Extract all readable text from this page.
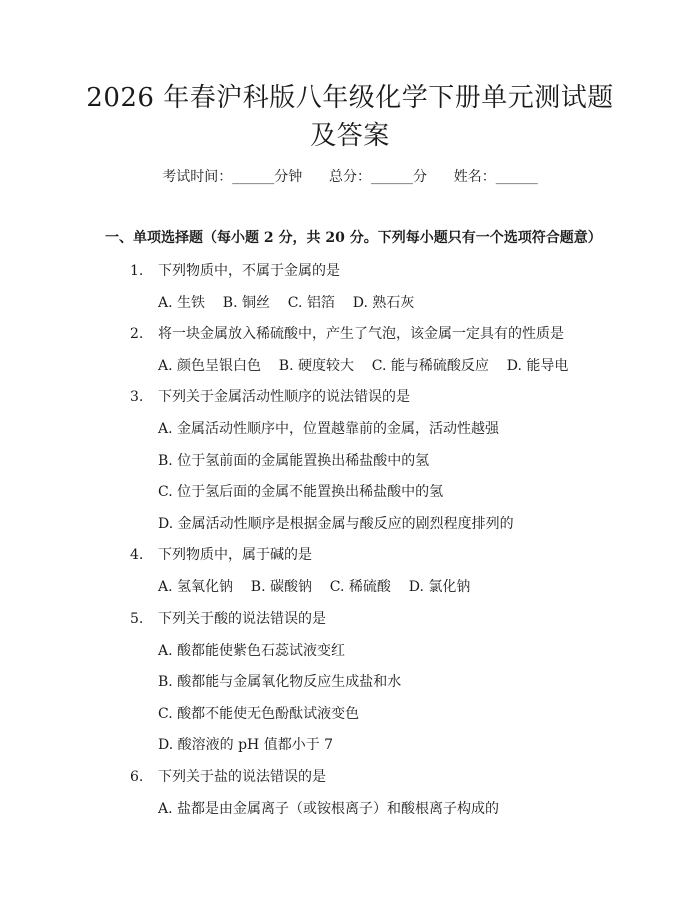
2026 年春沪科版八年级化学下册单元测试题
及答案
考试时间：______分钟      总分：______分      姓名：______
一、单项选择题（每小题 2 分，共 20 分。下列每小题只有一个选项符合题意）
1. 下列物质中，不属于金属的是
A. 生铁    B. 铜丝    C. 铝箔    D. 熟石灰
2. 将一块金属放入稀硫酸中，产生了气泡，该金属一定具有的性质是
A. 颜色呈银白色    B. 硬度较大    C. 能与稀硫酸反应    D. 能导电
3. 下列关于金属活动性顺序的说法错误的是
A. 金属活动性顺序中，位置越靠前的金属，活动性越强
B. 位于氢前面的金属能置换出稀盐酸中的氢
C. 位于氢后面的金属不能置换出稀盐酸中的氢
D. 金属活动性顺序是根据金属与酸反应的剧烈程度排列的
4. 下列物质中，属于碱的是
A. 氢氧化钠    B. 碳酸钠    C. 稀硫酸    D. 氯化钠
5. 下列关于酸的说法错误的是
A. 酸都能使紫色石蕊试液变红
B. 酸都能与金属氧化物反应生成盐和水
C. 酸都不能使无色酚酞试液变色
D. 酸溶液的 pH 值都小于 7
6. 下列关于盐的说法错误的是
A. 盐都是由金属离子（或铵根离子）和酸根离子构成的
